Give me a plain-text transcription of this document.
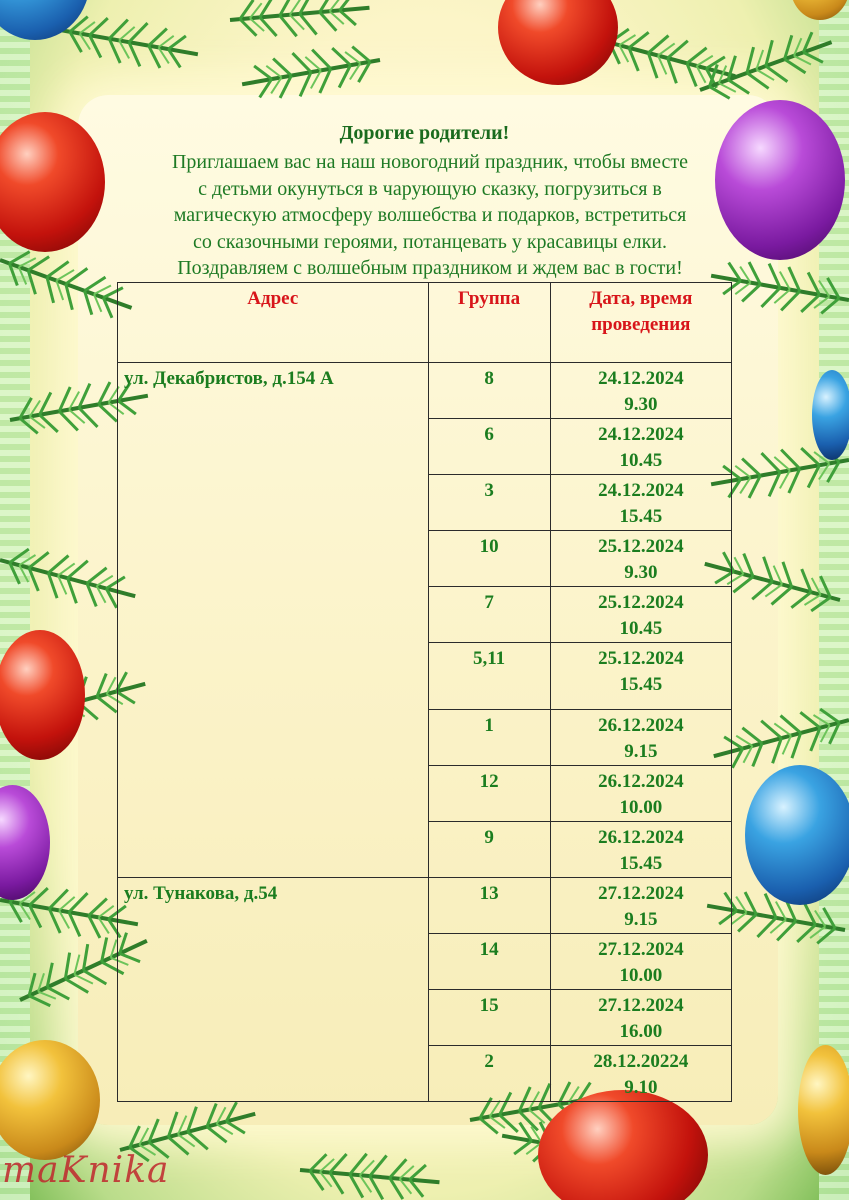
Дорогие родители!
Приглашаем вас на наш новогодний праздник, чтобы вместе
с детьми окунуться в чарующую сказку, погрузиться в
магическую атмосферу волшебства и подарков, встретиться
со сказочными героями, потанцевать у красавицы елки.
Поздравляем с волшебным праздником и ждем вас в гости!
Адрес	Группа	Дата, время
проведения

ул. Декабристов, д.154 А	8	24.12.2024
9.30

	6	24.12.2024
10.45

	3	24.12.2024
15.45

	10	25.12.2024
9.30

	7	25.12.2024
10.45

	5,11	25.12.2024
15.45

	1	26.12.2024
9.15

	12	26.12.2024
10.00

	9	26.12.2024
15.45

ул. Тунакова, д.54	13	27.12.2024
9.15

	14	27.12.2024
10.00

	15	27.12.2024
16.00

	2	28.12.20224
9.10
maKnika
